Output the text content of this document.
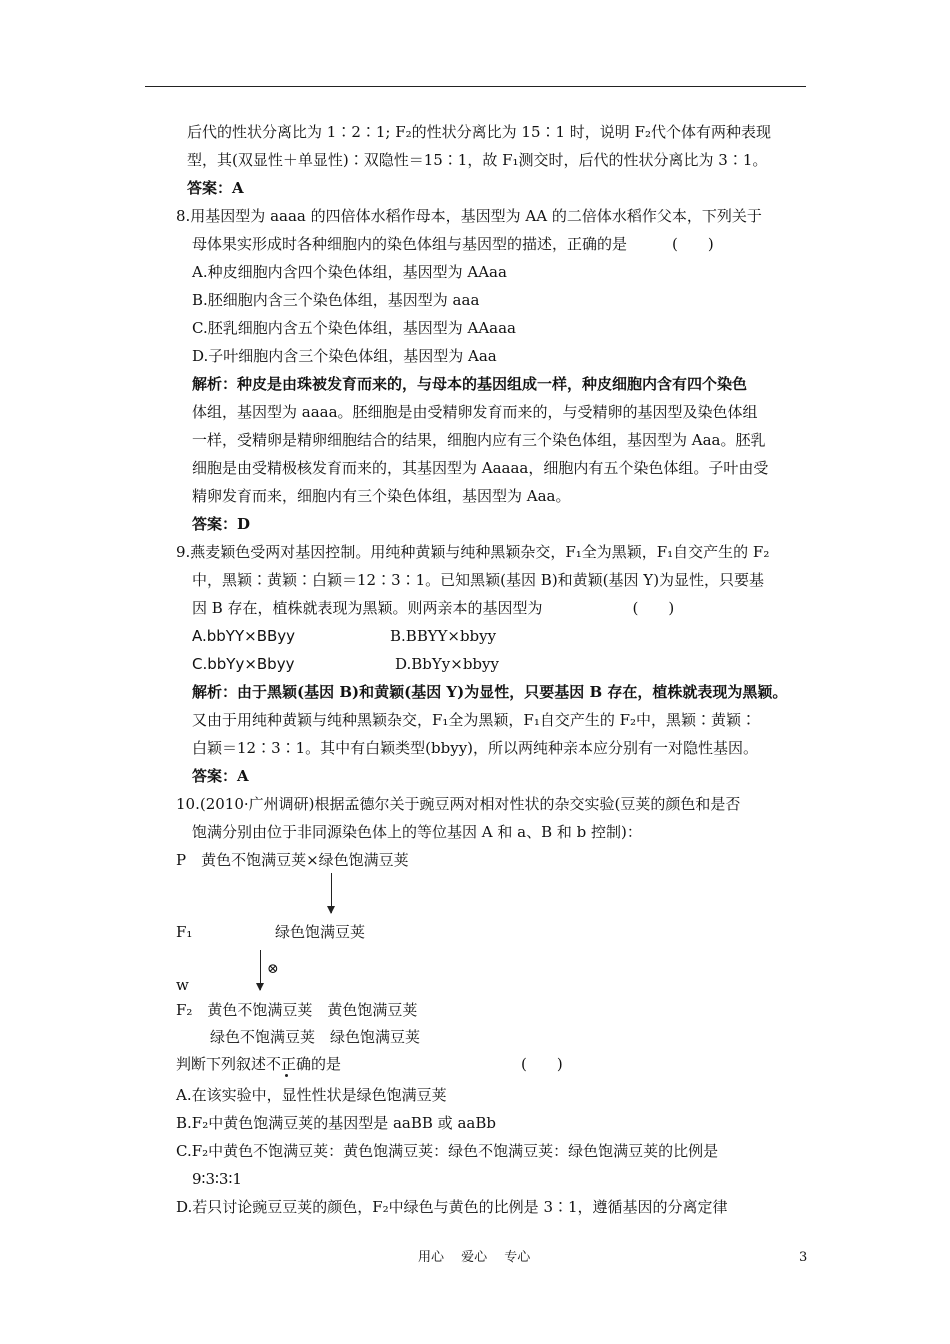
后代的性状分离比为 1∶2∶1; F₂的性状分离比为 15∶1 时，说明 F₂代个体有两种表现
型，其(双显性＋单显性)∶双隐性＝15∶1，故 F₁测交时，后代的性状分离比为 3∶1。
答案：A
8.用基因型为 aaaa 的四倍体水稻作母本，基因型为 AA 的二倍体水稻作父本，下列关于
母体果实形成时各种细胞内的染色体组与基因型的描述，正确的是　　　(　　)
A.种皮细胞内含四个染色体组，基因型为 AAaa
B.胚细胞内含三个染色体组，基因型为 aaa
C.胚乳细胞内含五个染色体组，基因型为 AAaaa
D.子叶细胞内含三个染色体组，基因型为 Aaa
解析：种皮是由珠被发育而来的，与母本的基因组成一样，种皮细胞内含有四个染色
体组，基因型为 aaaa。胚细胞是由受精卵发育而来的，与受精卵的基因型及染色体组
一样，受精卵是精卵细胞结合的结果，细胞内应有三个染色体组，基因型为 Aaa。胚乳
细胞是由受精极核发育而来的，其基因型为 Aaaaa，细胞内有五个染色体组。子叶由受
精卵发育而来，细胞内有三个染色体组，基因型为 Aaa。
答案：D
9.燕麦颖色受两对基因控制。用纯种黄颖与纯种黑颖杂交，F₁全为黑颖，F₁自交产生的 F₂
中，黑颖∶黄颖∶白颖＝12∶3∶1。已知黑颖(基因 B)和黄颖(基因 Y)为显性，只要基
因 B 存在，植株就表现为黑颖。则两亲本的基因型为　　　　　　(　　)
A.bbYY×BByy	B.BBYY×bbyy
C.bbYy×Bbyy	D.BbYy×bbyy
解析：由于黑颖(基因 B)和黄颖(基因 Y)为显性，只要基因 B 存在，植株就表现为黑颖。
又由于用纯种黄颖与纯种黑颖杂交，F₁全为黑颖，F₁自交产生的 F₂中，黑颖∶黄颖∶
白颖＝12∶3∶1。其中有白颖类型(bbyy)，所以两纯种亲本应分别有一对隐性基因。
答案：A
10.(2010·广州调研)根据孟德尔关于豌豆两对相对性状的杂交实验(豆荚的颜色和是否
饱满分别由位于非同源染色体上的等位基因 A 和 a、B 和 b 控制)：
P　黄色不饱满豆荚×绿色饱满豆荚
F₁	绿色饱满豆荚
w
F₂　黄色不饱满豆荚　黄色饱满豆荚
绿色不饱满豆荚　绿色饱满豆荚
判断下列叙述不正确的是　　　　　　　　　　　　(　　)
A.在该实验中，显性性状是绿色饱满豆荚
B.F₂中黄色饱满豆荚的基因型是 aaBB 或 aaBb
C.F₂中黄色不饱满豆荚：黄色饱满豆荚：绿色不饱满豆荚：绿色饱满豆荚的比例是
9∶3∶3∶1
D.若只讨论豌豆豆荚的颜色，F₂中绿色与黄色的比例是 3∶1，遵循基因的分离定律
⊗
用心　 爱心　 专心	3
